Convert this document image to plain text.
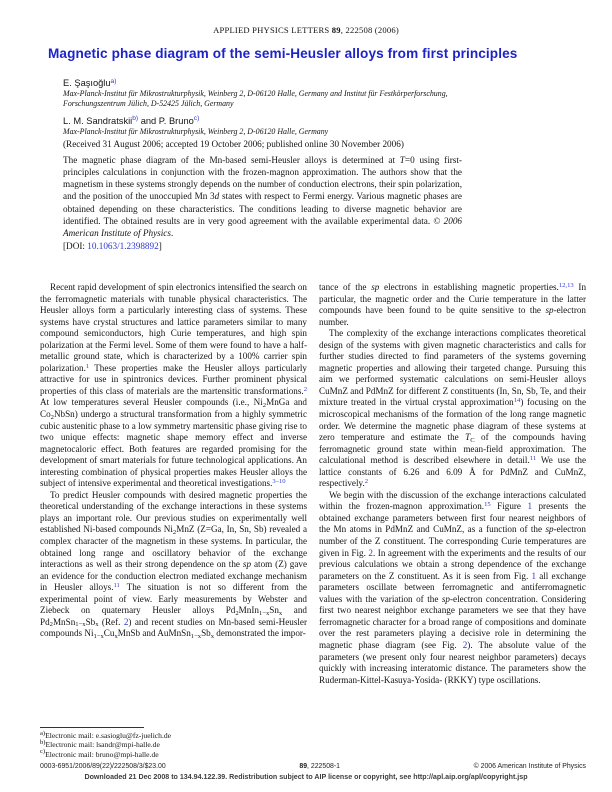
APPLIED PHYSICS LETTERS 89, 222508 (2006)
Magnetic phase diagram of the semi-Heusler alloys from first principles
E. Şaşıoğlu$^{a)}$
Max-Planck-Institut für Mikrostrukturphysik, Weinberg 2, D-06120 Halle, Germany and Institut für Festkörperforschung, Forschungszentrum Jülich, D-52425 Jülich, Germany
L. M. Sandratskii$^{b)}$ and P. Bruno$^{c)}$
Max-Planck-Institut für Mikrostrukturphysik, Weinberg 2, D-06120 Halle, Germany
(Received 31 August 2006; accepted 19 October 2006; published online 30 November 2006)
The magnetic phase diagram of the Mn-based semi-Heusler alloys is determined at T=0 using first-principles calculations in conjunction with the frozen-magnon approximation. The authors show that the magnetism in these systems strongly depends on the number of conduction electrons, their spin polarization, and the position of the unoccupied Mn 3d states with respect to Fermi energy. Various magnetic phases are obtained depending on these characteristics. The conditions leading to diverse magnetic behavior are identified. The obtained results are in very good agreement with the available experimental data. © 2006 American Institute of Physics.
[DOI: 10.1063/1.2398892]

Recent rapid development of spin electronics intensified the search on the ferromagnetic materials with tunable physical characteristics. The Heusler alloys form a particularly interesting class of systems. These systems have crystal structures and lattice parameters similar to many compound semiconductors, high Curie temperatures, and high spin polarization at the Fermi level. Some of them were found to have a half-metallic ground state, which is characterized by a 100% carrier spin polarization.$^1$ These properties make the Heusler alloys particularly attractive for use in spintronics devices. Further prominent physical properties of this class of materials are the martensitic transformations.$^2$ At low temperatures several Heusler compounds (i.e., $Ni_2MnGa$ and $Co_2NbSn$) undergo a structural transformation from a highly symmetric cubic austenitic phase to a low symmetry martensitic phase giving rise to two unique effects: magnetic shape memory effect and inverse magnetocaloric effect. Both features are regarded promising for the development of smart materials for future technological applications. An interesting combination of physical properties makes Heusler alloys the subject of intensive experimental and theoretical investigations.$^{3-10}$

To predict Heusler compounds with desired magnetic properties the theoretical understanding of the exchange interactions in these systems plays an important role. Our previous studies on experimentally well established Ni-based compounds $Ni_2MnZ$ (Z=Ga, In, Sn, Sb) revealed a complex character of the magnetism in these systems. In particular, the obtained long range and oscillatory behavior of the exchange interactions as well as their strong dependence on the sp atom (Z) gave an evidence for the conduction electron mediated exchange mechanism in Heusler alloys.$^{11}$ The situation is not so different from the experimental point of view. Early measurements by Webster and Ziebeck on quaternary Heusler alloys $Pd_2MnIn_{1-x}Sn_x$ and $Pd_2MnSn_{1-x}Sb_x$ (Ref. 2) and recent studies on Mn-based semi-Heusler compounds $Ni_{1-x}Cu_xMnSb$ and $AuMnSn_{1-x}Sb_x$ demonstrated the impor-

$^{a)}$Electronic mail: e.sasioglu@fz-juelich.de
$^{b)}$Electronic mail: lsandr@mpi-halle.de
$^{c)}$Electronic mail: bruno@mpi-halle.de

tance of the sp electrons in establishing magnetic properties.$^{12,13}$ In particular, the magnetic order and the Curie temperature in the latter compounds have been found to be quite sensitive to the sp-electron number.

The complexity of the exchange interactions complicates theoretical design of the systems with given magnetic characteristics and calls for further studies directed to find parameters of the systems governing magnetic properties and allowing their targeted change. Pursuing this aim we performed systematic calculations on semi-Heusler alloys CuMnZ and PdMnZ for different Z constituents (In, Sn, Sb, Te, and their mixture treated in the virtual crystal approximation$^{14}$) focusing on the microscopical mechanisms of the formation of the long range magnetic order. We determine the magnetic phase diagram of these systems at zero temperature and estimate the $T_C$ of the compounds having ferromagnetic ground state within mean-field approximation. The calculational method is described elsewhere in detail.$^{11}$ We use the lattice constants of 6.26 and 6.09 Å for PdMnZ and CuMnZ, respectively.$^2$

We begin with the discussion of the exchange interactions calculated within the frozen-magnon approximation.$^{15}$ Figure 1 presents the obtained exchange parameters between first four nearest neighbors of the Mn atoms in PdMnZ and CuMnZ, as a function of the sp-electron number of the Z constituent. The corresponding Curie temperatures are given in Fig. 2. In agreement with the experiments and the results of our previous calculations we obtain a strong dependence of the exchange parameters on the Z constituent. As it is seen from Fig. 1 all exchange parameters oscillate between ferromagnetic and antiferromagnetic values with the variation of the sp-electron concentration. Considering first two nearest neighbor exchange parameters we see that they have ferromagnetic character for a broad range of compositions and dominate over the rest parameters playing a decisive role in determining the magnetic phase diagram (see Fig. 2). The absolute value of the parameters (we present only four nearest neighbor parameters) decays quickly with increasing interatomic distance. The parameters show the Ruderman-Kittel-Kasuya-Yosida- (RKKY) type oscillations.

0003-6951/2006/89(22)/222508/3/$23.00	89, 222508-1	© 2006 American Institute of Physics
Downloaded 21 Dec 2008 to 134.94.122.39. Redistribution subject to AIP license or copyright, see http://apl.aip.org/apl/copyright.jsp
